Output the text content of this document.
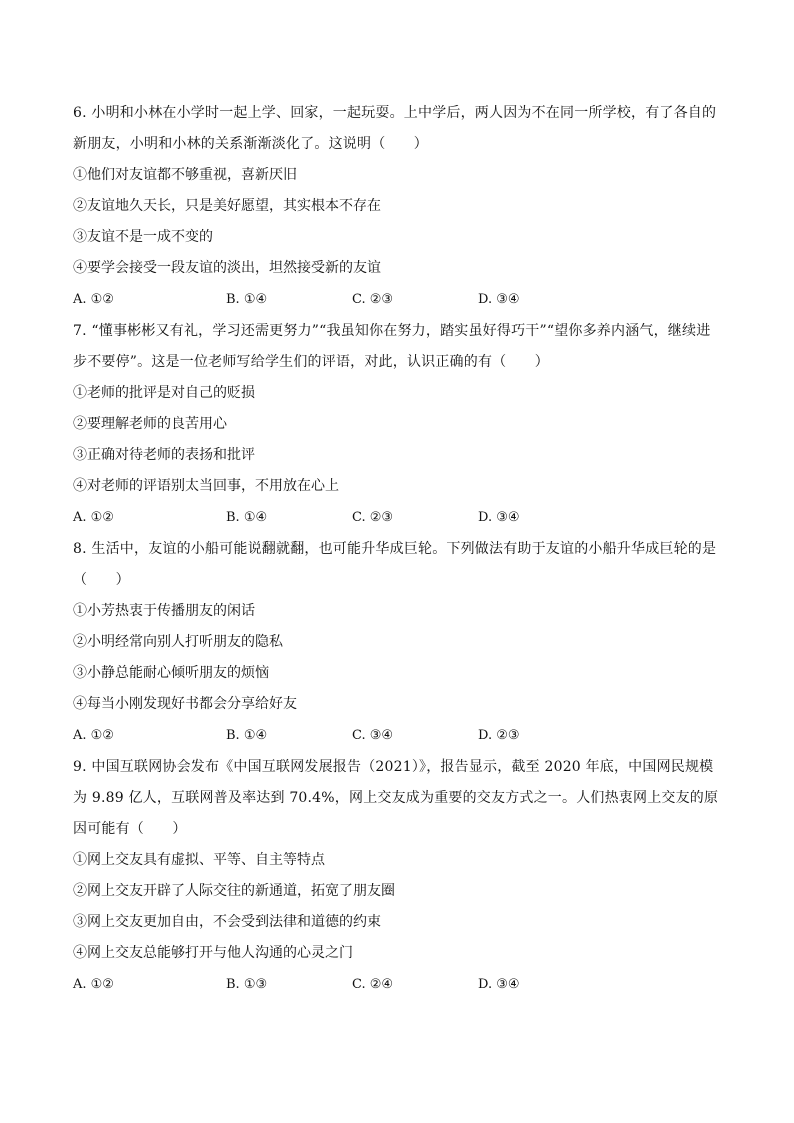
6. 小明和小林在小学时一起上学、回家，一起玩耍。上中学后，两人因为不在同一所学校，有了各自的新朋友，小明和小林的关系渐渐淡化了。这说明（　　）

①他们对友谊都不够重视，喜新厌旧

②友谊地久天长，只是美好愿望，其实根本不存在

③友谊不是一成不变的

④要学会接受一段友谊的淡出，坦然接受新的友谊

A. ①②	B. ①④	C. ②③	D. ③④

7. “懂事彬彬又有礼，学习还需更努力”“我虽知你在努力，踏实虽好得巧干”“望你多养内涵气，继续进步不要停”。这是一位老师写给学生们的评语，对此，认识正确的有（　　）

①老师的批评是对自己的贬损

②要理解老师的良苦用心

③正确对待老师的表扬和批评

④对老师的评语别太当回事，不用放在心上

A. ①②	B. ①④	C. ②③	D. ③④

8. 生活中，友谊的小船可能说翻就翻，也可能升华成巨轮。下列做法有助于友谊的小船升华成巨轮的是（　　）

①小芳热衷于传播朋友的闲话

②小明经常向别人打听朋友的隐私

③小静总能耐心倾听朋友的烦恼

④每当小刚发现好书都会分享给好友

A. ①②	B. ①④	C. ③④	D. ②③

9. 中国互联网协会发布《中国互联网发展报告（2021）》，报告显示，截至 2020 年底，中国网民规模为 9.89 亿人，互联网普及率达到 70.4%，网上交友成为重要的交友方式之一。人们热衷网上交友的原因可能有（　　）

①网上交友具有虚拟、平等、自主等特点

②网上交友开辟了人际交往的新通道，拓宽了朋友圈

③网上交友更加自由，不会受到法律和道德的约束

④网上交友总能够打开与他人沟通的心灵之门

A. ①②	B. ①③	C. ②④	D. ③④
